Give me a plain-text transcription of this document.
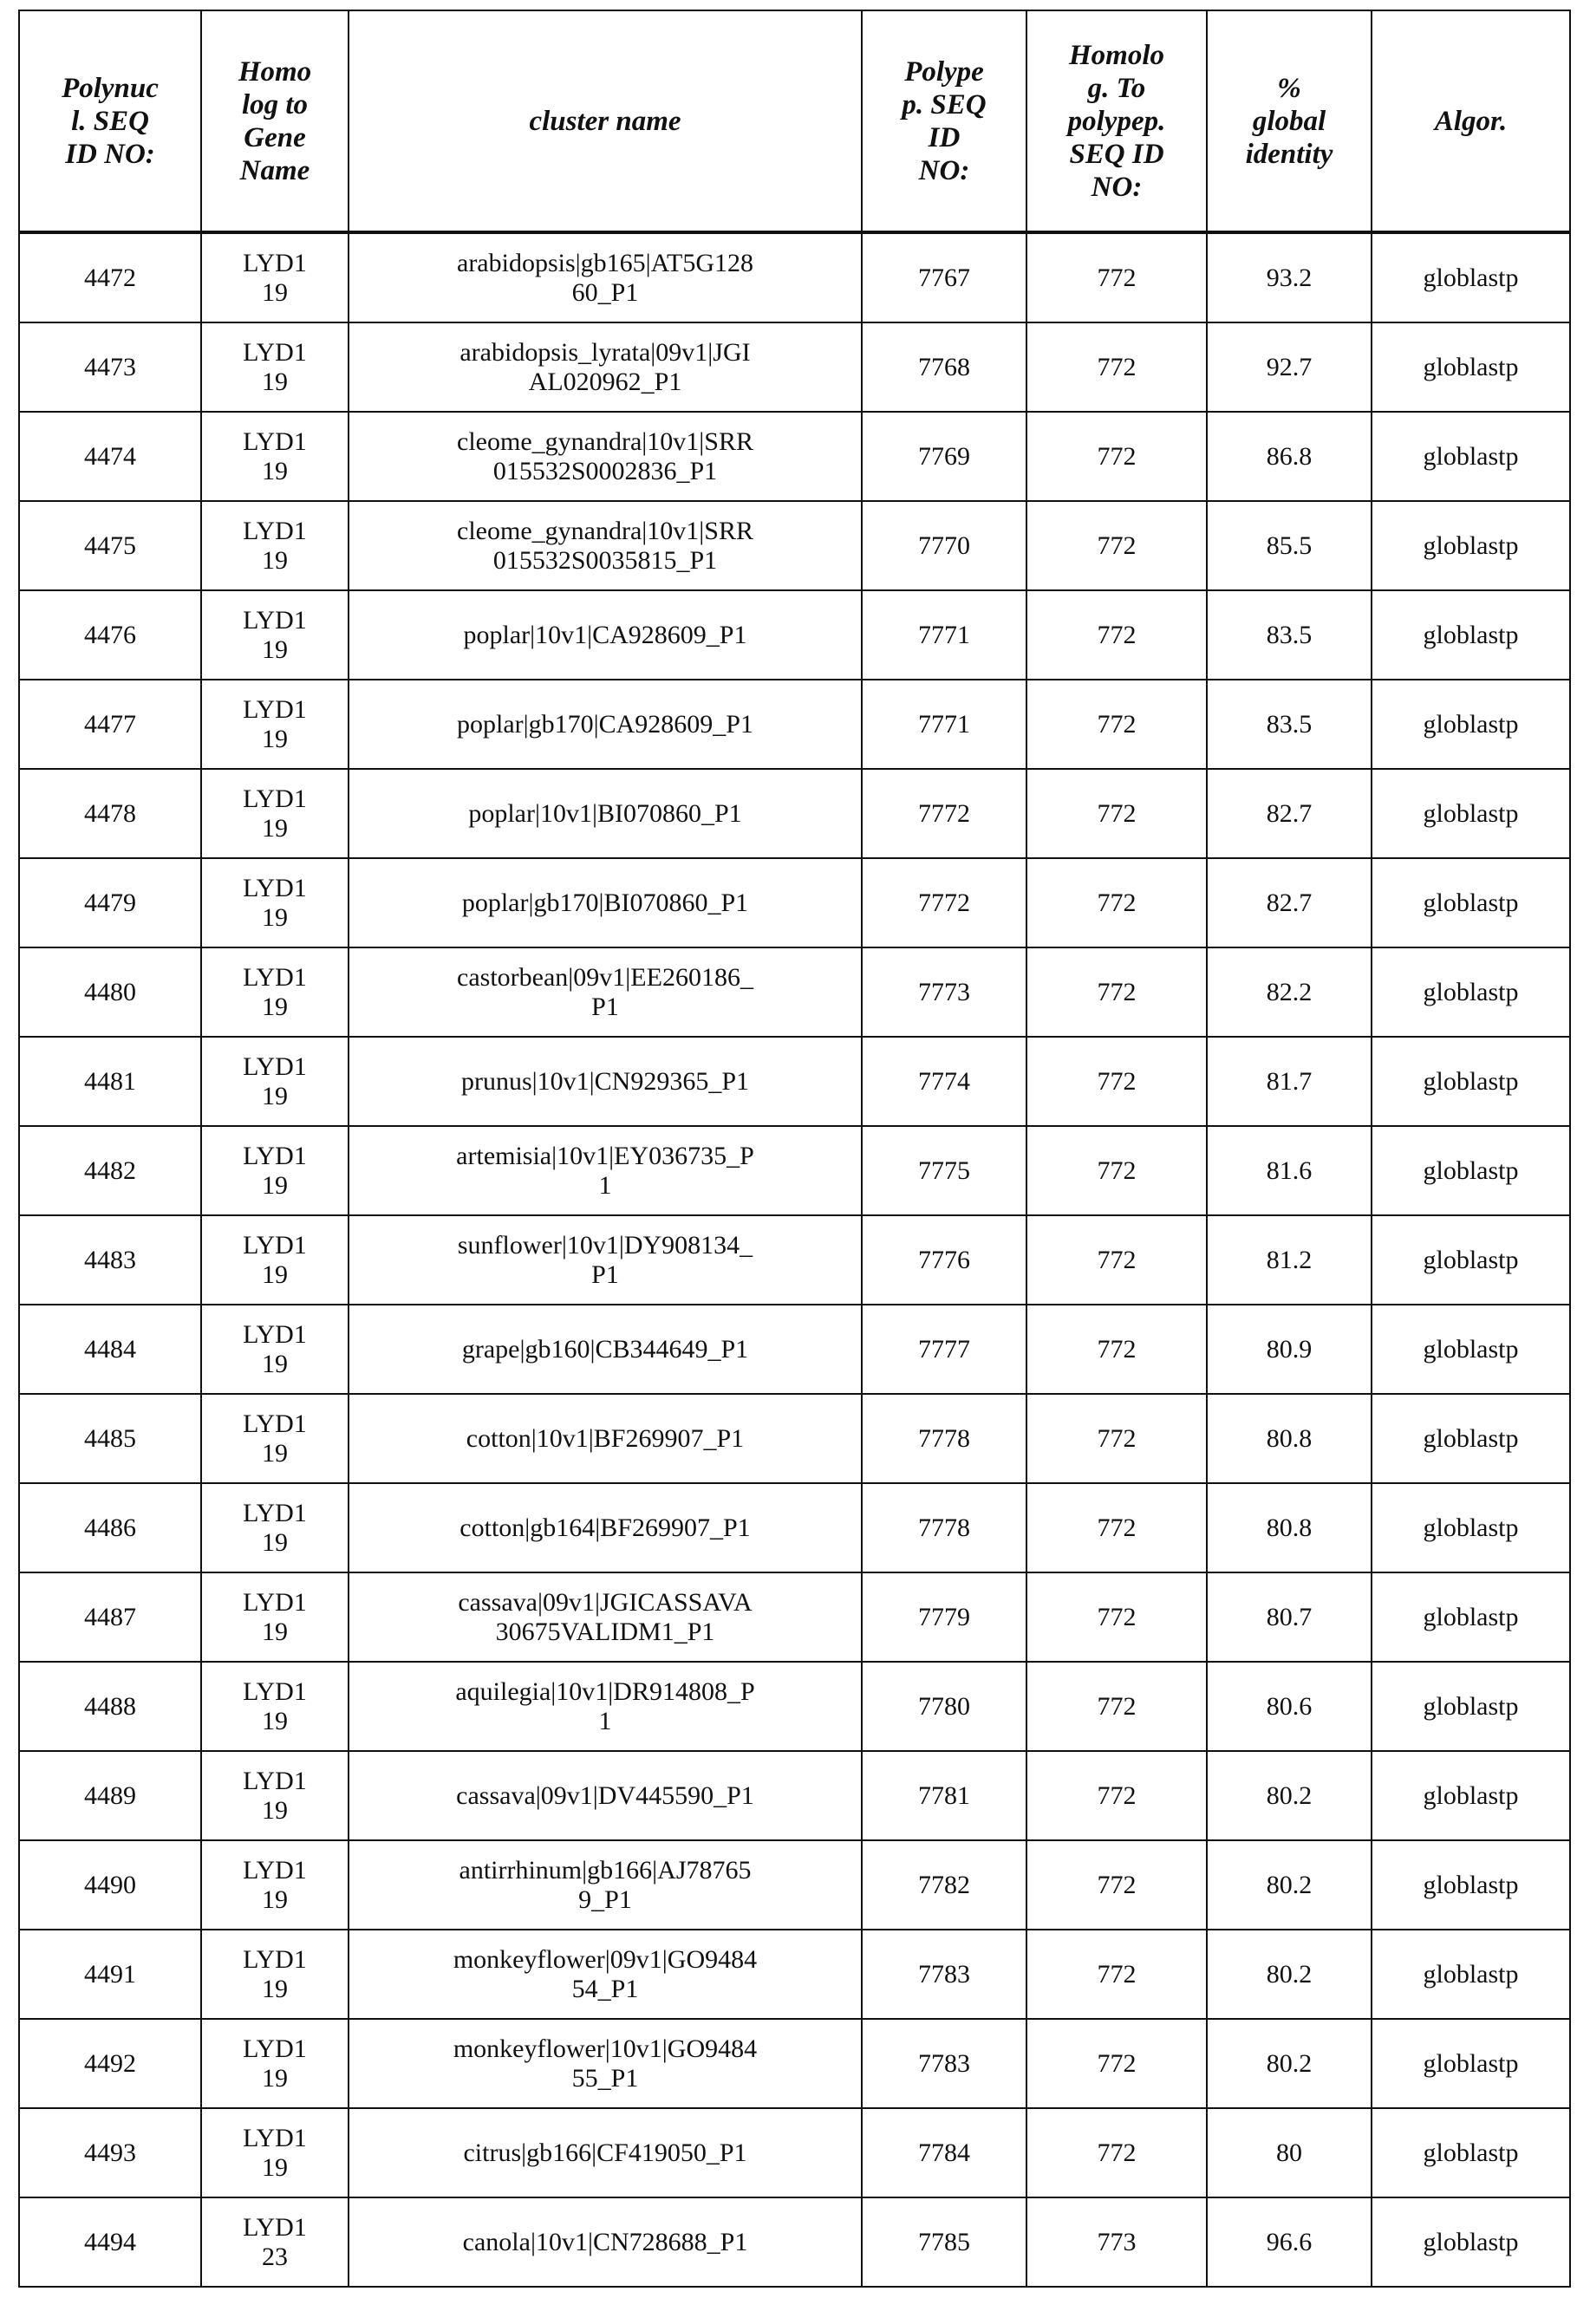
Polynuc
l. SEQ
ID NO:	Homo
log to
Gene
Name	cluster name	Polype
p. SEQ
ID
NO:	Homolo
g. To
polypep.
SEQ ID
NO:	%
global
identity	Algor.
4472	LYD1
19	arabidopsis|gb165|AT5G128
60_P1	7767	772	93.2	globlastp
4473	LYD1
19	arabidopsis_lyrata|09v1|JGI
AL020962_P1	7768	772	92.7	globlastp
4474	LYD1
19	cleome_gynandra|10v1|SRR
015532S0002836_P1	7769	772	86.8	globlastp
4475	LYD1
19	cleome_gynandra|10v1|SRR
015532S0035815_P1	7770	772	85.5	globlastp
4476	LYD1
19	poplar|10v1|CA928609_P1	7771	772	83.5	globlastp
4477	LYD1
19	poplar|gb170|CA928609_P1	7771	772	83.5	globlastp
4478	LYD1
19	poplar|10v1|BI070860_P1	7772	772	82.7	globlastp
4479	LYD1
19	poplar|gb170|BI070860_P1	7772	772	82.7	globlastp
4480	LYD1
19	castorbean|09v1|EE260186_
P1	7773	772	82.2	globlastp
4481	LYD1
19	prunus|10v1|CN929365_P1	7774	772	81.7	globlastp
4482	LYD1
19	artemisia|10v1|EY036735_P
1	7775	772	81.6	globlastp
4483	LYD1
19	sunflower|10v1|DY908134_
P1	7776	772	81.2	globlastp
4484	LYD1
19	grape|gb160|CB344649_P1	7777	772	80.9	globlastp
4485	LYD1
19	cotton|10v1|BF269907_P1	7778	772	80.8	globlastp
4486	LYD1
19	cotton|gb164|BF269907_P1	7778	772	80.8	globlastp
4487	LYD1
19	cassava|09v1|JGICASSAVA
30675VALIDM1_P1	7779	772	80.7	globlastp
4488	LYD1
19	aquilegia|10v1|DR914808_P
1	7780	772	80.6	globlastp
4489	LYD1
19	cassava|09v1|DV445590_P1	7781	772	80.2	globlastp
4490	LYD1
19	antirrhinum|gb166|AJ78765
9_P1	7782	772	80.2	globlastp
4491	LYD1
19	monkeyflower|09v1|GO9484
54_P1	7783	772	80.2	globlastp
4492	LYD1
19	monkeyflower|10v1|GO9484
55_P1	7783	772	80.2	globlastp
4493	LYD1
19	citrus|gb166|CF419050_P1	7784	772	80	globlastp
4494	LYD1
23	canola|10v1|CN728688_P1	7785	773	96.6	globlastp
